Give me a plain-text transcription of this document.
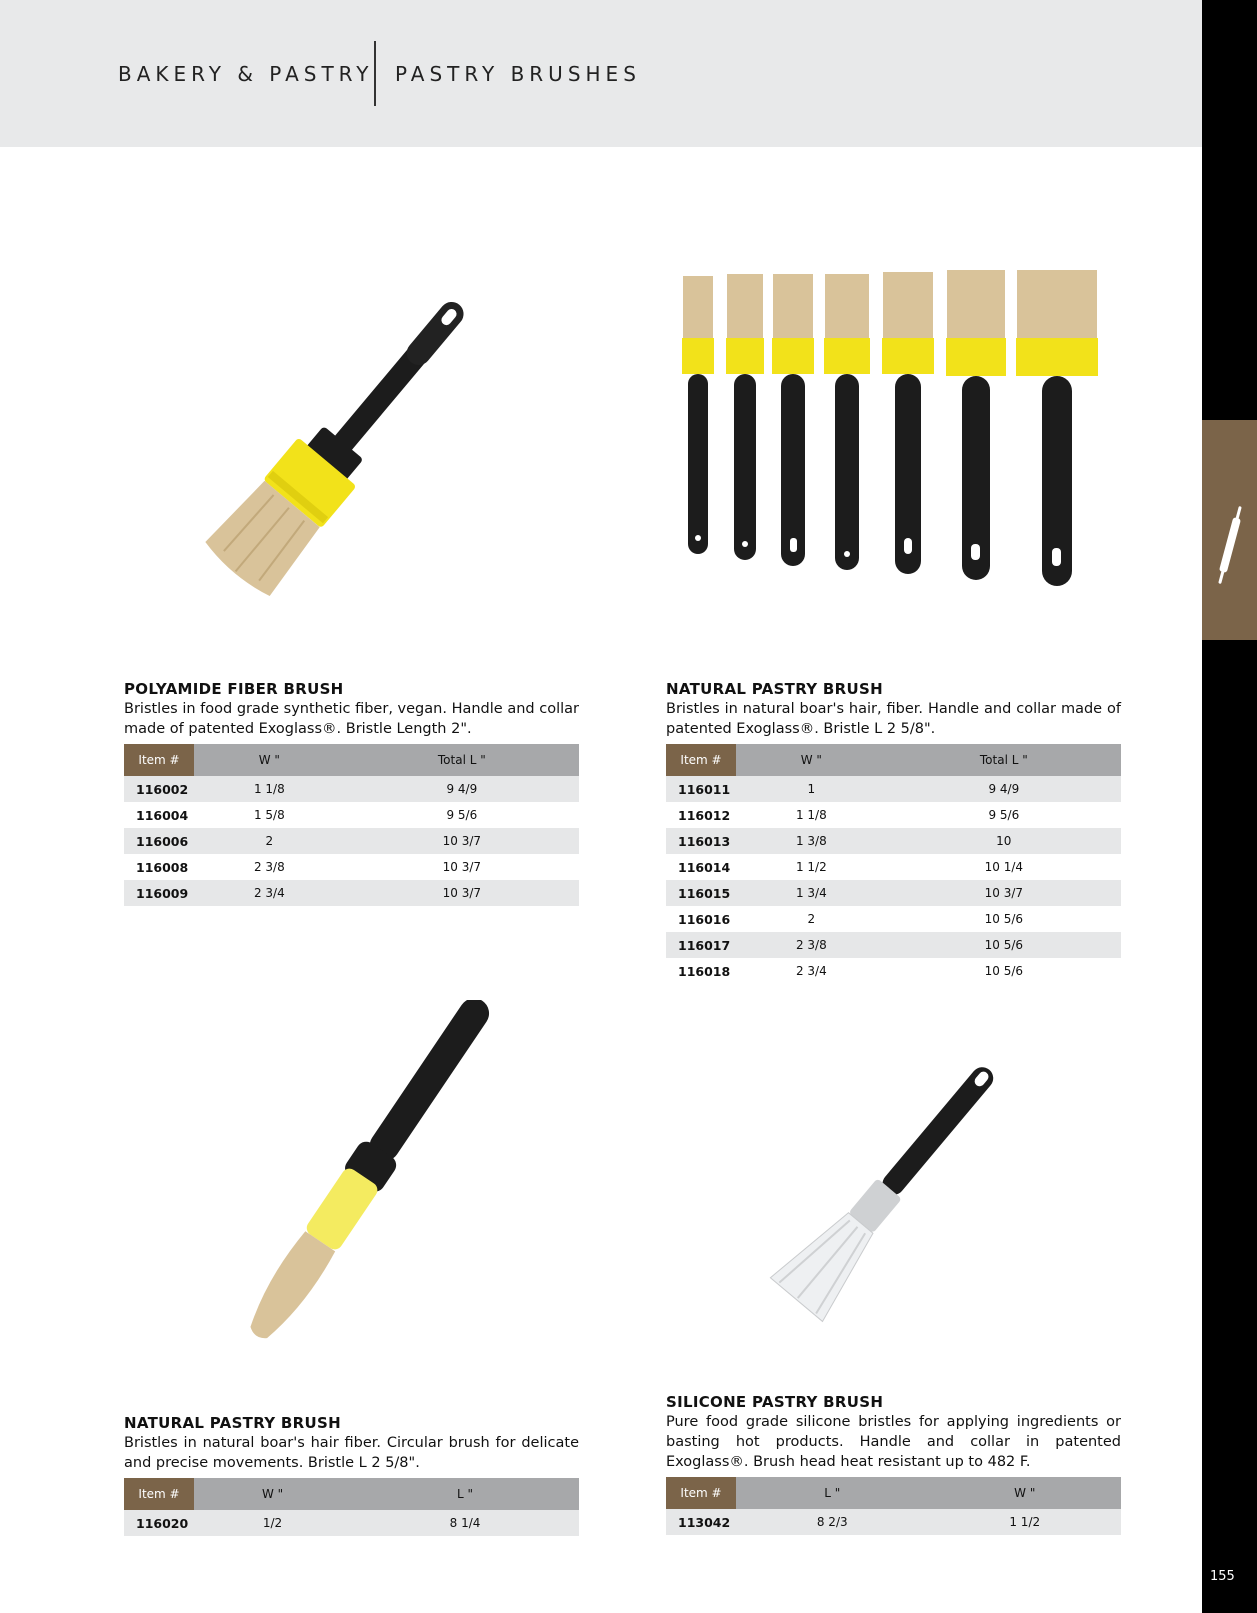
BAKERY & PASTRY PASTRY BRUSHES
155
POLYAMIDE FIBER BRUSH

Bristles in food grade synthetic fiber, vegan. Handle and collar made of patented Exoglass®. Bristle Length 2".

Item #	W "	Total L "
116002	1 1/8	9 4/9
116004	1 5/8	9 5/6
116006	2	10 3/7
116008	2 3/8	10 3/7
116009	2 3/4	10 3/7
NATURAL PASTRY BRUSH

Bristles in natural boar's hair, fiber. Handle and collar made of patented Exoglass®. Bristle L 2 5/8".

Item #	W "	Total L "
116011	1	9 4/9
116012	1 1/8	9 5/6
116013	1 3/8	10
116014	1 1/2	10 1/4
116015	1 3/4	10 3/7
116016	2	10 5/6
116017	2 3/8	10 5/6
116018	2 3/4	10 5/6
NATURAL PASTRY BRUSH

Bristles in natural boar's hair fiber. Circular brush for delicate and precise movements. Bristle L 2 5/8".

Item #	W "	L "
116020	1/2	8 1/4
SILICONE PASTRY BRUSH

Pure food grade silicone bristles for applying ingredients or basting hot products. Handle and collar in patented Exoglass®. Brush head heat resistant up to 482 F.

Item #	L "	W "
113042	8 2/3	1 1/2
